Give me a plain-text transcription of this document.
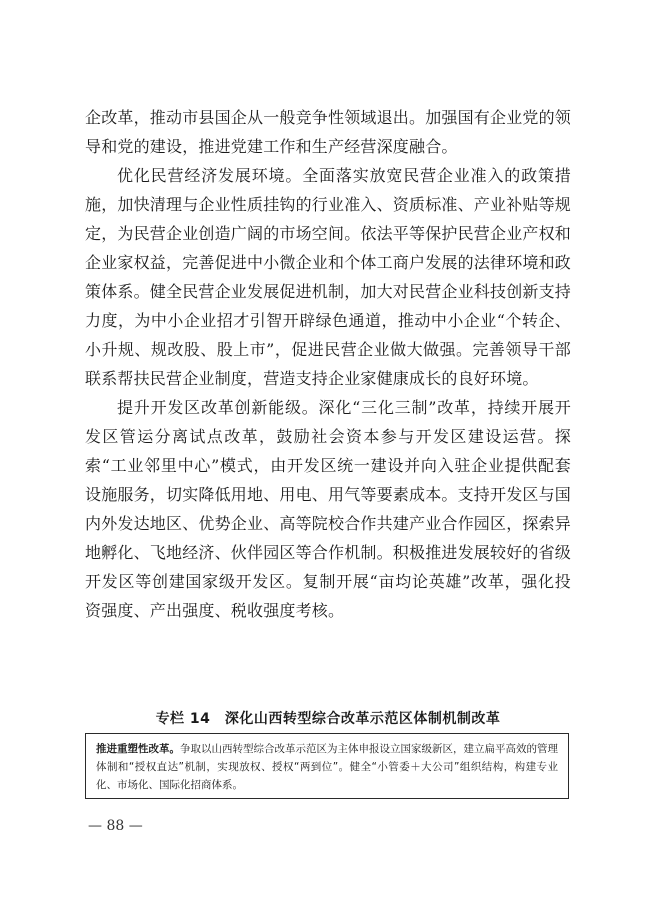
企改革，推动市县国企从一般竞争性领域退出。加强国有企业党的领导和党的建设，推进党建工作和生产经营深度融合。

优化民营经济发展环境。全面落实放宽民营企业准入的政策措施，加快清理与企业性质挂钩的行业准入、资质标准、产业补贴等规定，为民营企业创造广阔的市场空间。依法平等保护民营企业产权和企业家权益，完善促进中小微企业和个体工商户发展的法律环境和政策体系。健全民营企业发展促进机制，加大对民营企业科技创新支持力度，为中小企业招才引智开辟绿色通道，推动中小企业“个转企、小升规、规改股、股上市”，促进民营企业做大做强。完善领导干部联系帮扶民营企业制度，营造支持企业家健康成长的良好环境。

提升开发区改革创新能级。深化“三化三制”改革，持续开展开发区管运分离试点改革，鼓励社会资本参与开发区建设运营。探索“工业邻里中心”模式，由开发区统一建设并向入驻企业提供配套设施服务，切实降低用地、用电、用气等要素成本。支持开发区与国内外发达地区、优势企业、高等院校合作共建产业合作园区，探索异地孵化、飞地经济、伙伴园区等合作机制。积极推进发展较好的省级开发区等创建国家级开发区。复制开展“亩均论英雄”改革，强化投资强度、产出强度、税收强度考核。

专栏 14　深化山西转型综合改革示范区体制机制改革

推进重塑性改革。争取以山西转型综合改革示范区为主体申报设立国家级新区，建立扁平高效的管理体制和“授权直达”机制，实现放权、授权“两到位”。健全“小管委＋大公司”组织结构，构建专业化、市场化、国际化招商体系。

— 88 —
